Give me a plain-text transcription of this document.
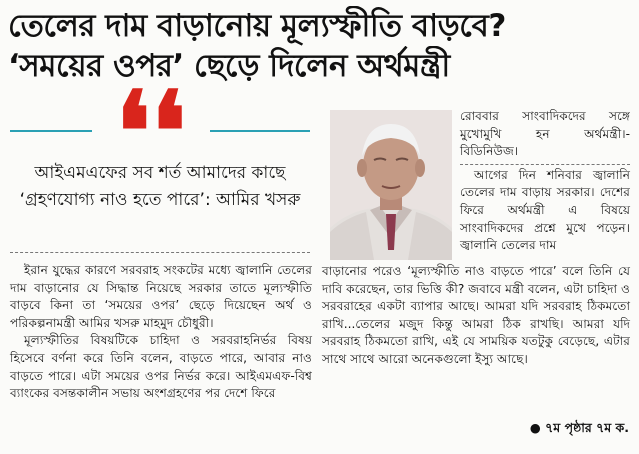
তেলের দাম বাড়ানোয় মূল্যস্ফীতি বাড়বে?
‘সময়ের ওপর’ ছেড়ে দিলেন অর্থমন্ত্রী
❛❛
আইএমএফের সব শর্ত আমাদের কাছে ‘গ্রহণযোগ্য নাও হতে পারে’: আমির খসরু

ইরান যুদ্ধের কারণে সরবরাহ সংকটের মধ্যে জ্বালানি তেলের দাম বাড়ানোর যে সিদ্ধান্ত নিয়েছে সরকার তাতে মূল্যস্ফীতি বাড়বে কিনা তা ‘সময়ের ওপর’ ছেড়ে দিয়েছেন অর্থ ও পরিকল্পনামন্ত্রী আমির খসরু মাহমুদ চৌধুরী।

মূল্যস্ফীতির বিষয়টিকে চাহিদা ও সরবরাহনির্ভর বিষয় হিসেবে বর্ণনা করে তিনি বলেন, বাড়তে পারে, আবার নাও বাড়তে পারে। এটা সময়ের ওপর নির্ভর করে। আইএমএফ-বিশ্ব ব্যাংকের বসন্তকালীন সভায় অংশগ্রহণের পর দেশে ফিরে

রোববার সাংবাদিকদের সঙ্গে মুখোমুখি হন অর্থমন্ত্রী।- বিডিনিউজ।

আগের দিন শনিবার জ্বালানি তেলের দাম বাড়ায় সরকার। দেশের ফিরে অর্থমন্ত্রী এ বিষয়ে সাংবাদিকদের প্রশ্নে মুখে পড়েন। জ্বালানি তেলের দাম

বাড়ানোর পরেও ‘মূল্যস্ফীতি নাও বাড়তে পারে’ বলে তিনি যে দাবি করেছেন, তার ভিত্তি কী? জবাবে মন্ত্রী বলেন, এটা চাহিদা ও সরবরাহের একটা ব্যাপার আছে। আমরা যদি সরবরাহ ঠিকমতো রাখি...তেলের মজুদ কিন্তু আমরা ঠিক রাখছি। আমরা যদি সরবরাহ ঠিকমতো রাখি, এই যে সাময়িক যতটুকু বেড়েছে, এটার সাথে সাথে আরো অনেকগুলো ইস্যু আছে।

● ৭ম পৃষ্ঠার ৭ম ক.
